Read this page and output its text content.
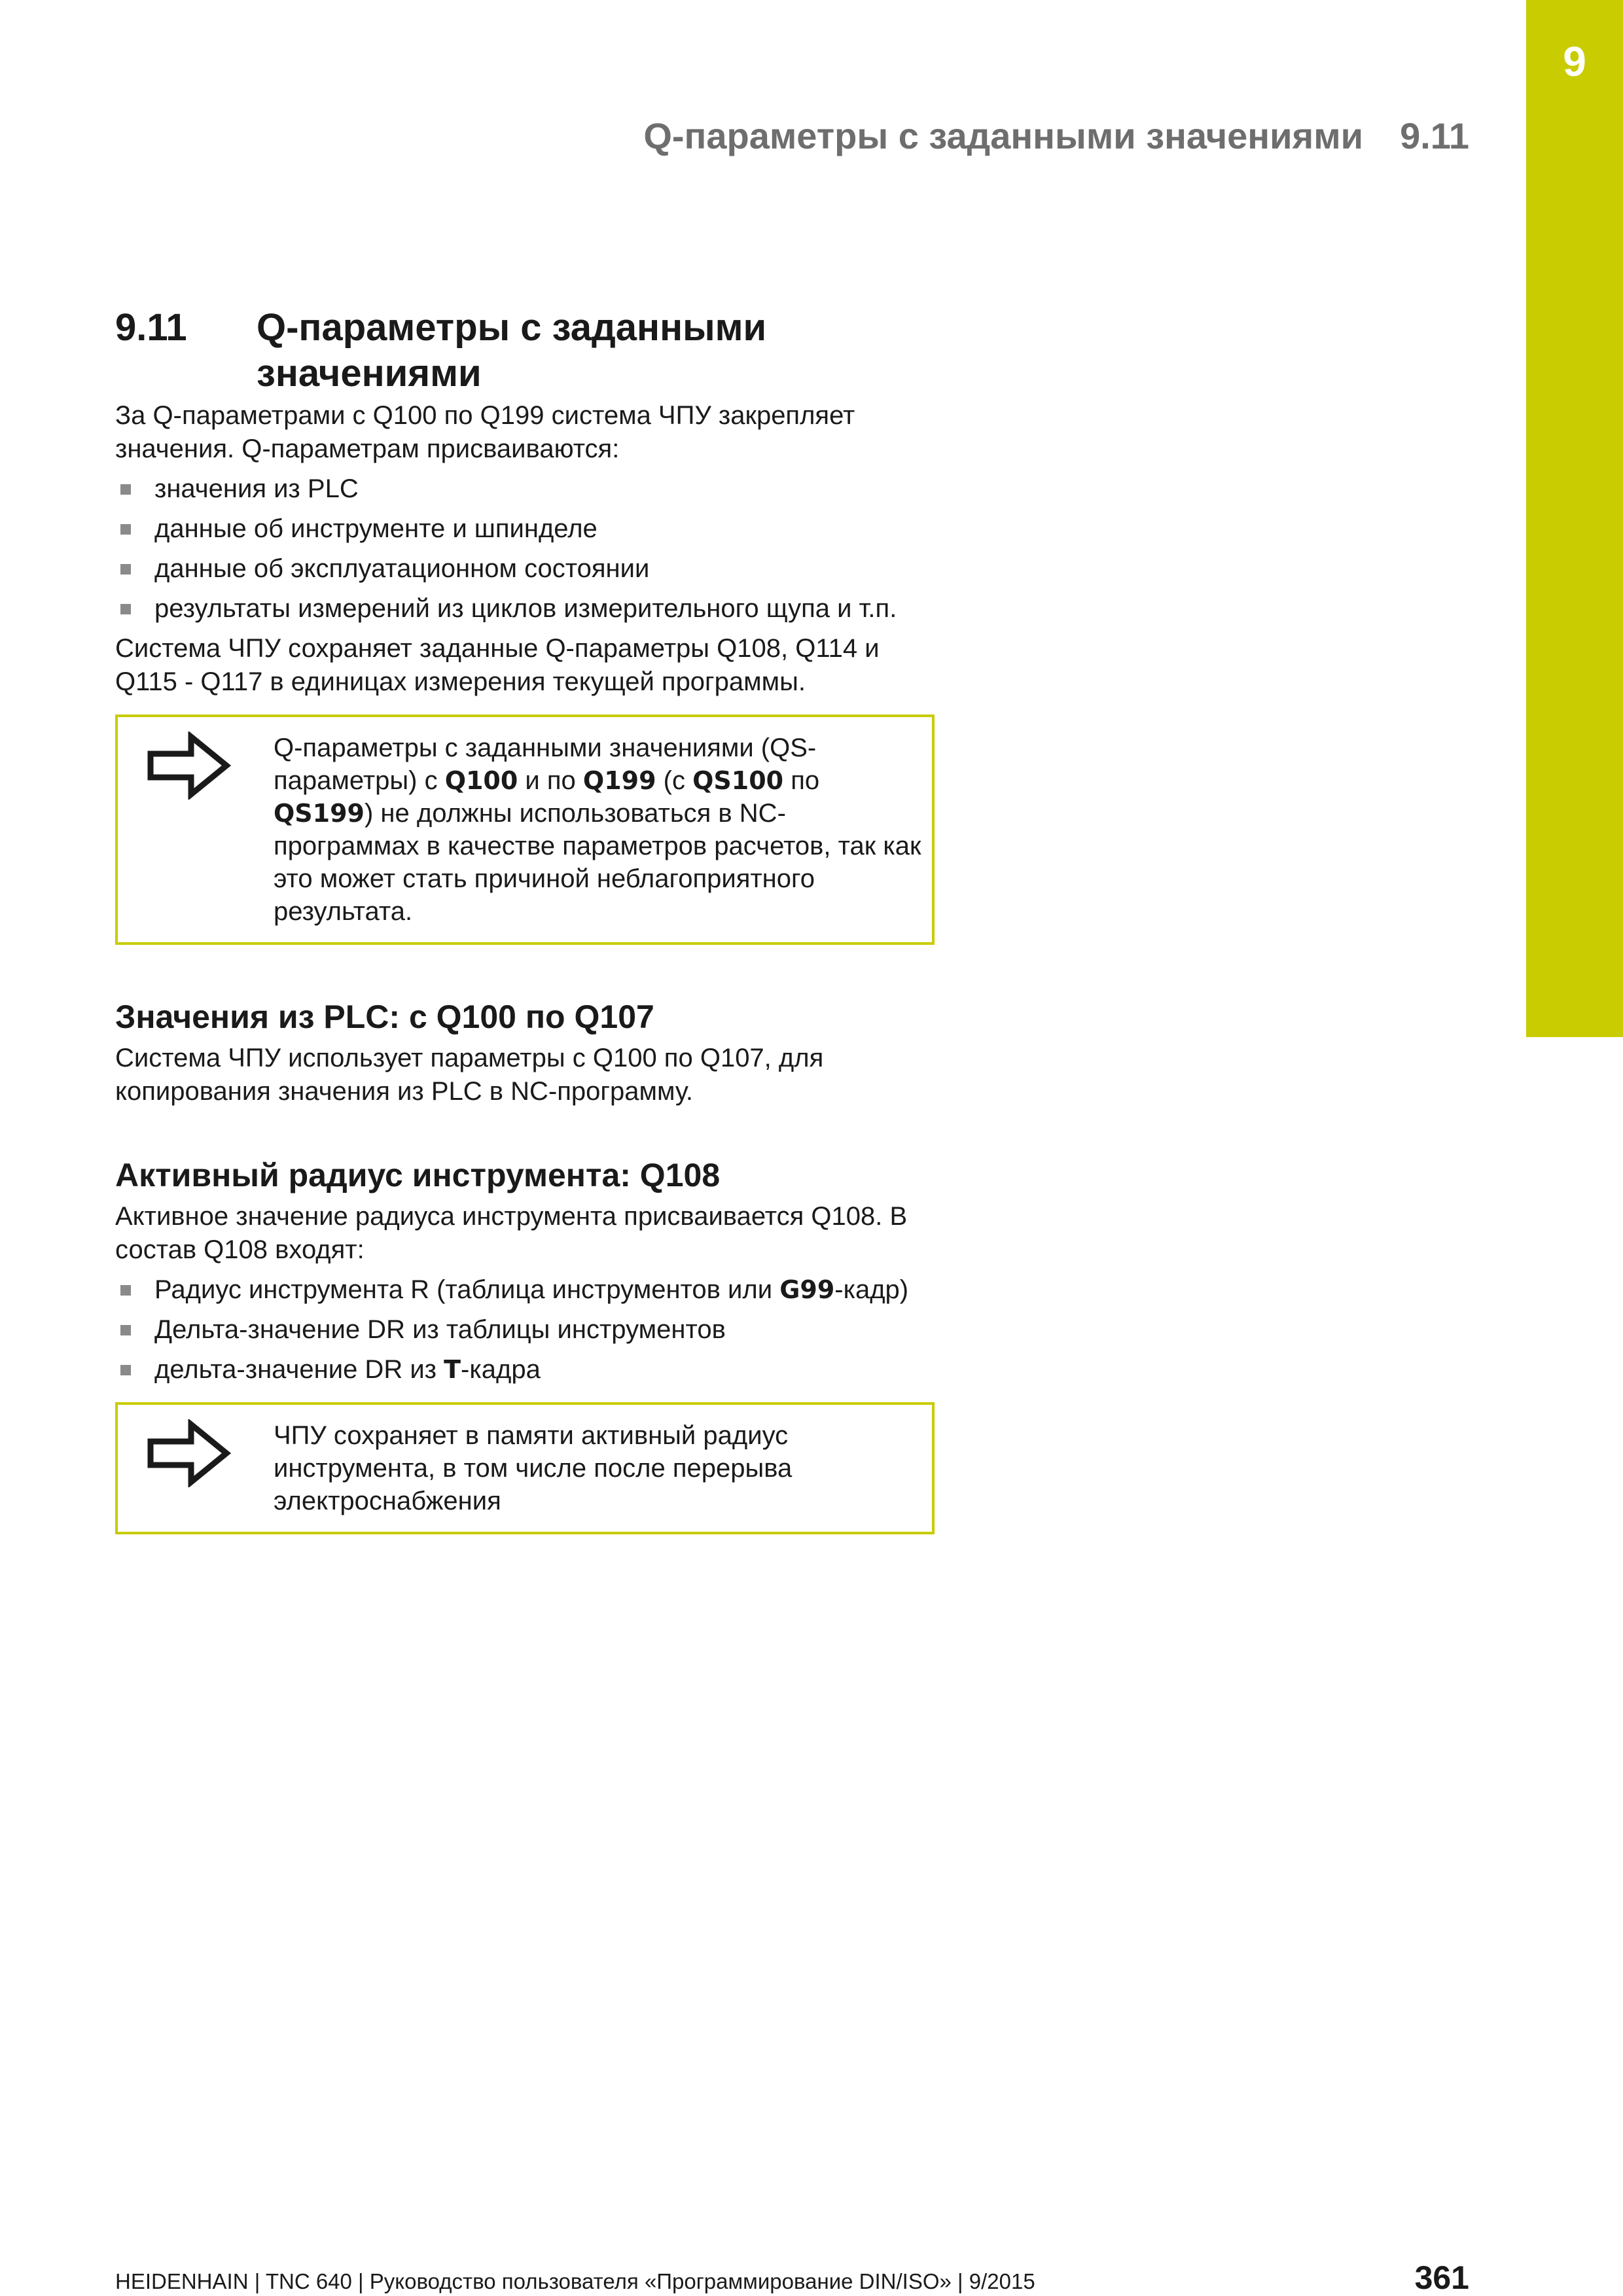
9
Q-параметры с заданными значениями 9.11
9.11	Q-параметры с заданными значениями

За Q-параметрами с Q100 по Q199 система ЧПУ закрепляет значения. Q-параметрам присваиваются:

значения из PLC
данные об инструменте и шпинделе
данные об эксплуатационном состоянии
результаты измерений из циклов измерительного щупа и т.п.

Система ЧПУ сохраняет заданные Q-параметры Q108, Q114 и Q115 - Q117 в единицах измерения текущей программы.

Q-параметры с заданными значениями (QS-параметры) с Q100 и по Q199 (с QS100 по QS199) не должны использоваться в NC-программах в качестве параметров расчетов, так как это может стать причиной неблагоприятного результата.
Значения из PLC: с Q100 по Q107

Система ЧПУ использует параметры с Q100 по Q107, для копирования значения из PLC в NC-программу.

Активный радиус инструмента: Q108

Активное значение радиуса инструмента присваивается Q108. В состав Q108 входят:

Радиус инструмента R (таблица инструментов или G99-кадр)
Дельта-значение DR из таблицы инструментов
дельта-значение DR из T-кадра
ЧПУ сохраняет в памяти активный радиус инструмента, в том числе после перерыва электроснабжения
HEIDENHAIN | TNC 640 | Руководство пользователя «Программирование DIN/ISO» | 9/2015	361
